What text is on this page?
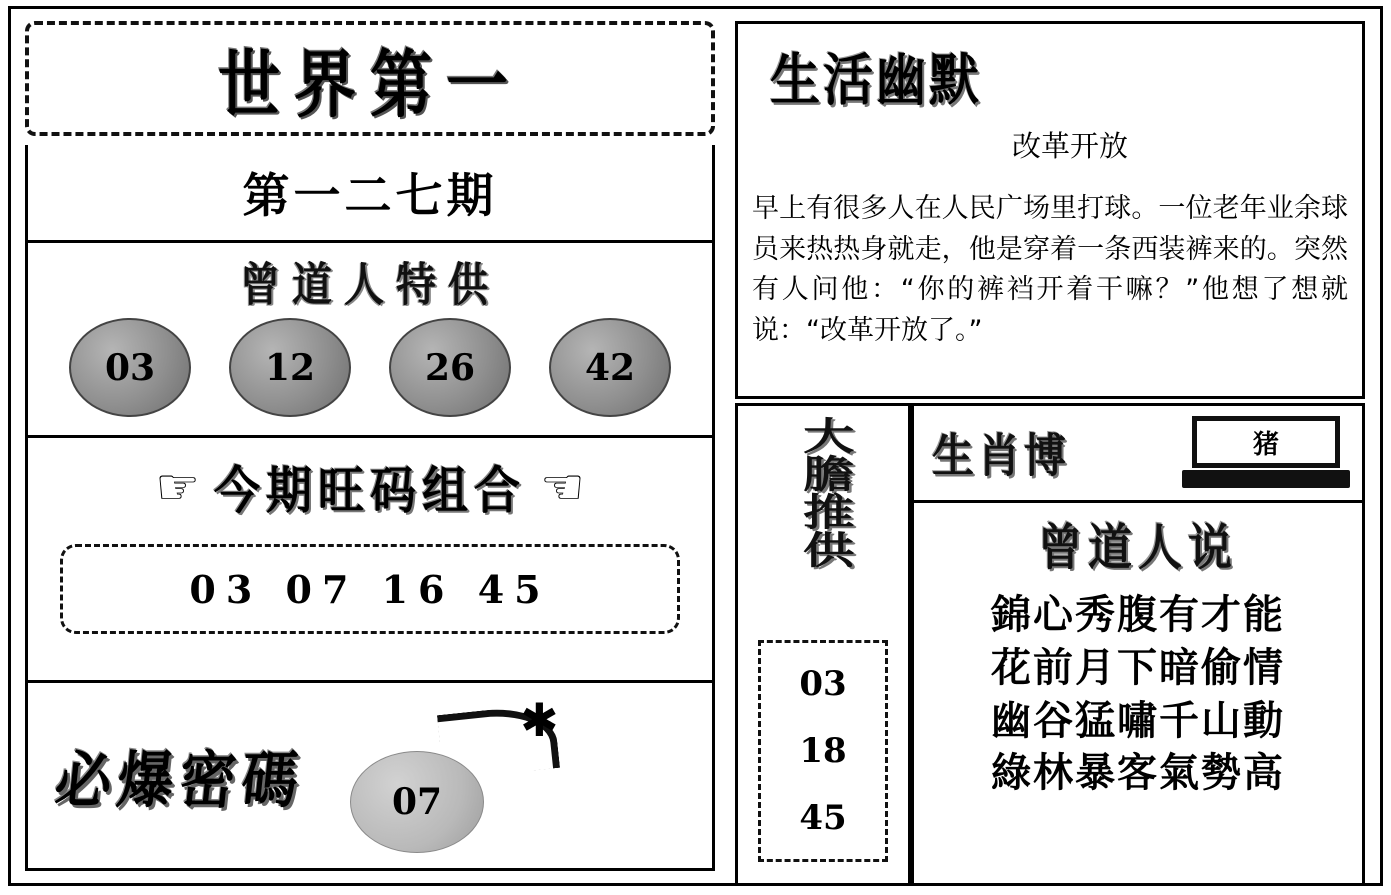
世界第一
第一二七期
曾道人特供
03	12	26	42
☞ 今期旺码组合 ☞
03 07 16 45
必爆密碼
✱
07
生活幽默
改革开放
早上有很多人在人民广场里打球。一位老年业余球员来热热身就走，他是穿着一条西装裤来的。突然有人问他：“你的裤裆开着干嘛？”他想了想就说：“改革开放了。”
大膽推供
03
18
45
生肖博	猪
曾道人说
錦心秀腹有才能
花前月下暗偷情
幽谷猛嘯千山動
綠林暴客氣勢高
